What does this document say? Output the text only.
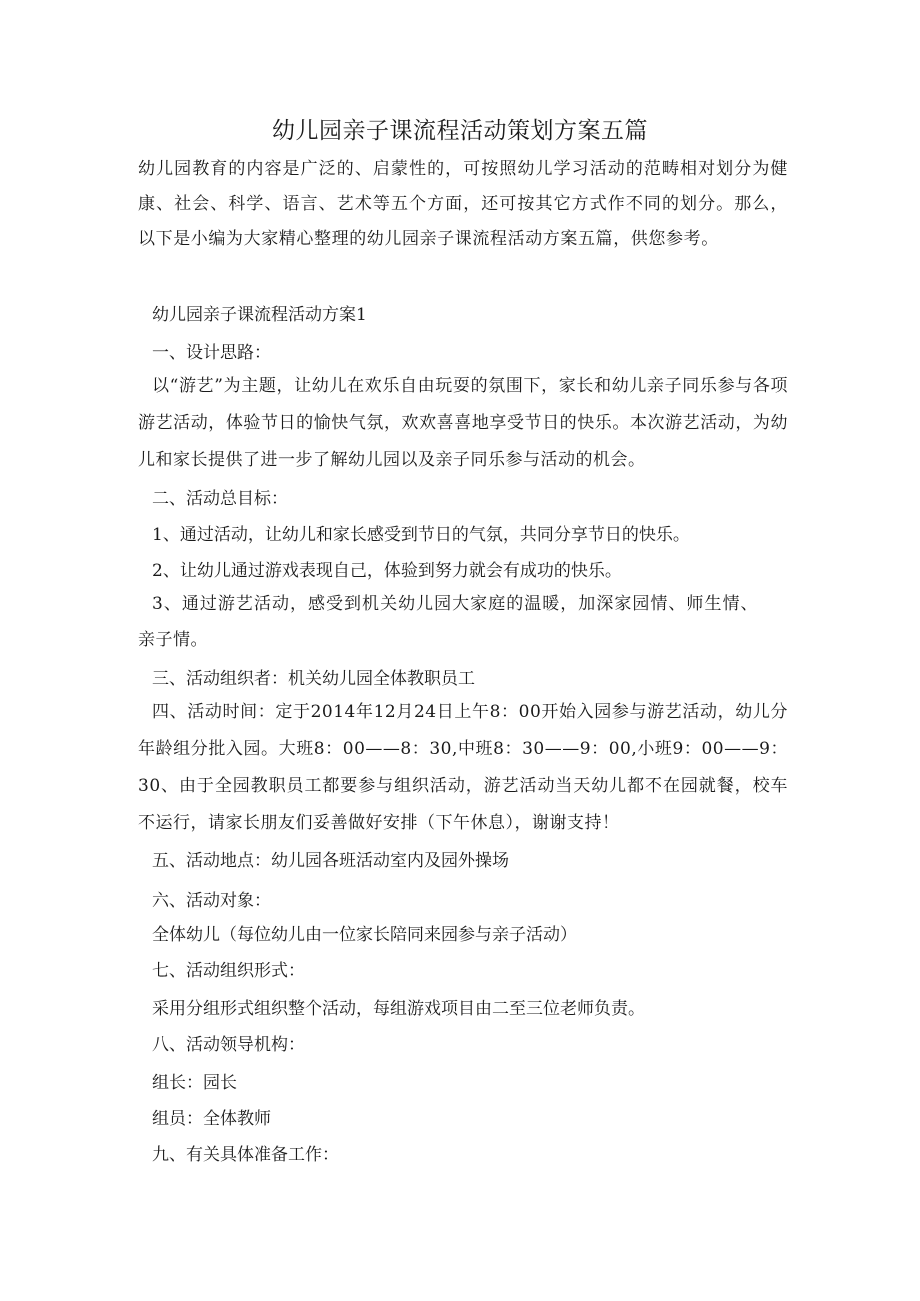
幼儿园亲子课流程活动策划方案五篇

幼儿园教育的内容是广泛的、启蒙性的，可按照幼儿学习活动的范畴相对划分为健康、社会、科学、语言、艺术等五个方面，还可按其它方式作不同的划分。那么，以下是小编为大家精心整理的幼儿园亲子课流程活动方案五篇，供您参考。

幼儿园亲子课流程活动方案1

一、设计思路：

以“游艺”为主题，让幼儿在欢乐自由玩耍的氛围下，家长和幼儿亲子同乐参与各项游艺活动，体验节日的愉快气氛，欢欢喜喜地享受节日的快乐。本次游艺活动，为幼儿和家长提供了进一步了解幼儿园以及亲子同乐参与活动的机会。

二、活动总目标：

1、通过活动，让幼儿和家长感受到节日的气氛，共同分享节日的快乐。

2、让幼儿通过游戏表现自己，体验到努力就会有成功的快乐。

3、通过游艺活动，感受到机关幼儿园大家庭的温暖，加深家园情、师生情、亲子情。

三、活动组织者：机关幼儿园全体教职员工

四、活动时间：定于2014年12月24日上午8：00开始入园参与游艺活动，幼儿分年龄组分批入园。大班8：00——8：30,中班8：30——9：00,小班9：00——9：30、由于全园教职员工都要参与组织活动，游艺活动当天幼儿都不在园就餐，校车不运行，请家长朋友们妥善做好安排（下午休息），谢谢支持！

五、活动地点：幼儿园各班活动室内及园外操场

六、活动对象：

全体幼儿（每位幼儿由一位家长陪同来园参与亲子活动）

七、活动组织形式：

采用分组形式组织整个活动，每组游戏项目由二至三位老师负责。

八、活动领导机构：

组长：园长

组员：全体教师

九、有关具体准备工作：
